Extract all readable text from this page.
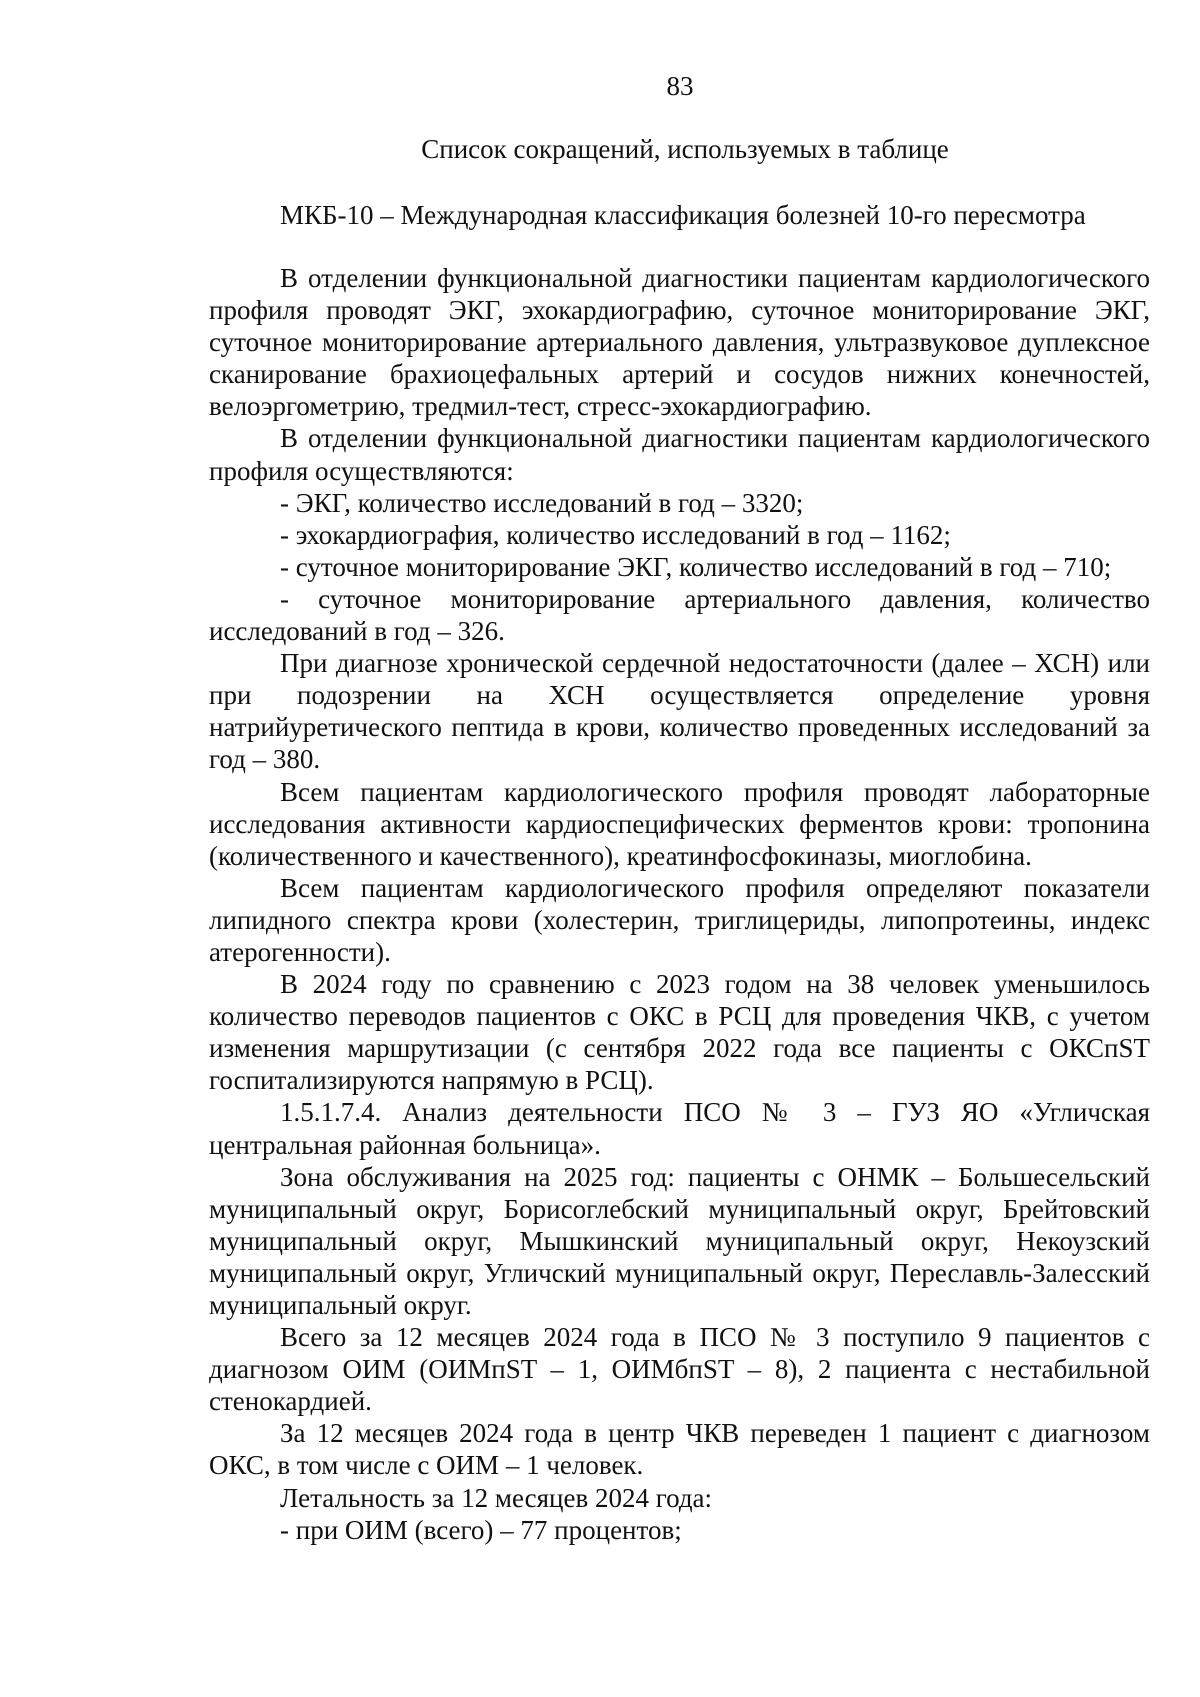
83
Список сокращений, используемых в таблице
МКБ-10 – Международная классификация болезней 10-го пересмотра

В отделении функциональной диагностики пациентам кардиологического профиля проводят ЭКГ, эхокардиографию, суточное мониторирование ЭКГ, суточное мониторирование артериального давления, ультразвуковое дуплексное сканирование брахиоцефальных артерий и сосудов нижних конечностей, велоэргометрию, тредмил-тест, стресс-эхокардиографию.

В отделении функциональной диагностики пациентам кардиологического профиля осуществляются:

- ЭКГ, количество исследований в год – 3320;

- эхокардиография, количество исследований в год – 1162;

- суточное мониторирование ЭКГ, количество исследований в год – 710;

- суточное мониторирование артериального давления, количество исследований в год – 326.

При диагнозе хронической сердечной недостаточности (далее – ХСН) или при подозрении на ХСН осуществляется определение уровня натрийуретического пептида в крови, количество проведенных исследований за год – 380.

Всем пациентам кардиологического профиля проводят лабораторные исследования активности кардиоспецифических ферментов крови: тропонина (количественного и качественного), креатинфосфокиназы, миоглобина.

Всем пациентам кардиологического профиля определяют показатели липидного спектра крови (холестерин, триглицериды, липопротеины, индекс атерогенности).

В 2024 году по сравнению с 2023 годом на 38 человек уменьшилось количество переводов пациентов с ОКС в РСЦ для проведения ЧКВ, с учетом изменения маршрутизации (с сентября 2022 года все пациенты с ОКСпST госпитализируются напрямую в РСЦ).

1.5.1.7.4. Анализ деятельности ПСО № 3 – ГУЗ ЯО «Угличская центральная районная больница».

Зона обслуживания на 2025 год: пациенты с ОНМК – Большесельский муниципальный округ, Борисоглебский муниципальный округ, Брейтовский муниципальный округ, Мышкинский муниципальный округ, Некоузский муниципальный округ, Угличский муниципальный округ, Переславль-Залесский муниципальный округ.

Всего за 12 месяцев 2024 года в ПСО № 3 поступило 9 пациентов с диагнозом ОИМ (ОИМпST – 1, ОИМбпST – 8), 2 пациента с нестабильной стенокардией.

За 12 месяцев 2024 года в центр ЧКВ переведен 1 пациент с диагнозом ОКС, в том числе с ОИМ – 1 человек.

Летальность за 12 месяцев 2024 года:

- при ОИМ (всего) – 77 процентов;
